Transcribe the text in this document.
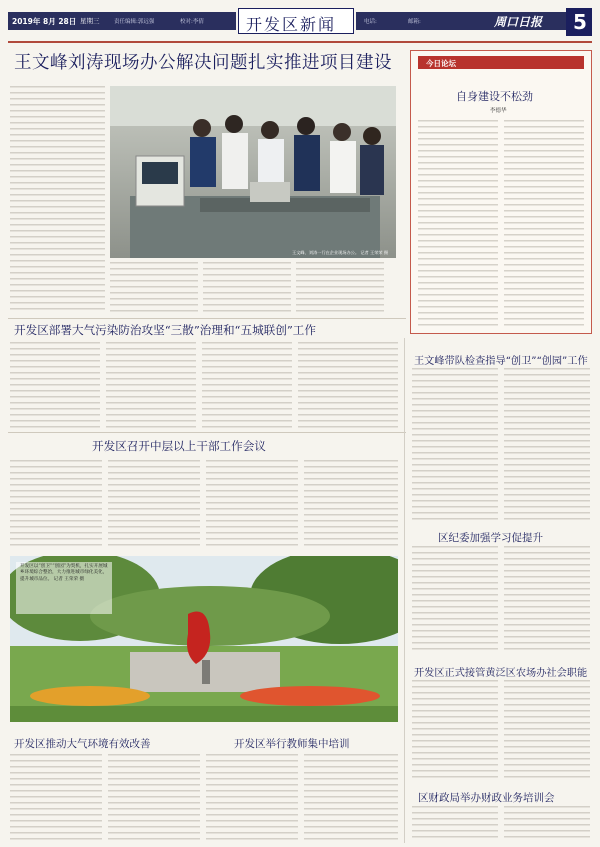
2019年 8月 28日 星期三	责任编辑:郭远强	校对:李倩	开发区新闻	电话:	邮箱:	周口日报 5
王文峰刘涛现场办公解决问题扎实推进项目建设
王文峰、刘涛一行在企业现场办公。 记者 王荣荣 摄
今日论坛
自身建设不松劲
李德华
开发区部署大气污染防治攻坚“三散”治理和“五城联创”工作
开发区召开中层以上干部工作会议
开发区以“创卫”“创园”为契机，扎实开展城乡环境综合整治，大力推进城市绿化美化，提升城市品位。 记者 王荣荣 摄
开发区推动大气环境有效改善	开发区举行教师集中培训
王文峰带队检查指导“创卫”“创园”工作
区纪委加强学习促提升
开发区正式接管黄泛区农场办社会职能
区财政局举办财政业务培训会
